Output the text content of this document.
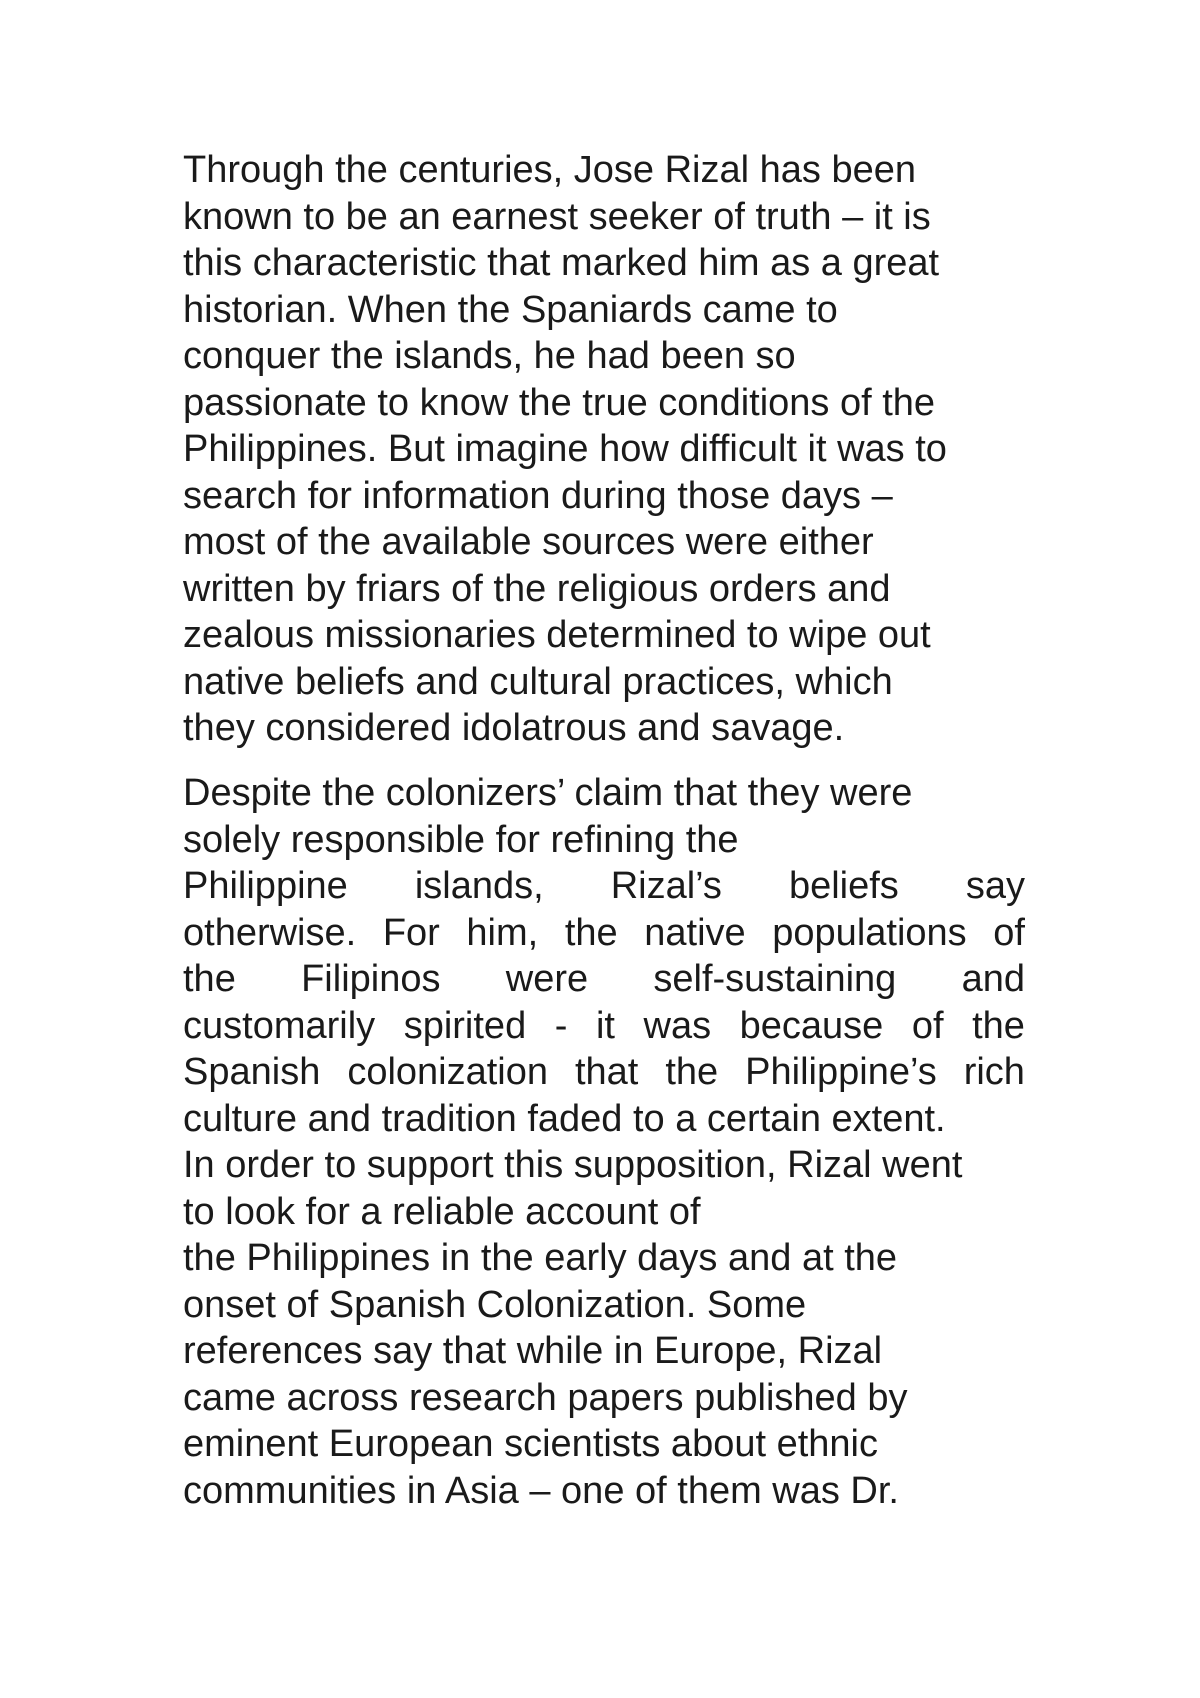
Through the centuries, Jose Rizal has been
known to be an earnest seeker of truth – it is
this characteristic that marked him as a great
historian. When the Spaniards came to
conquer the islands, he had been so
passionate to know the true conditions of the
Philippines. But imagine how difficult it was to
search for information during those days –
most of the available sources were either
written by friars of the religious orders and
zealous missionaries determined to wipe out
native beliefs and cultural practices, which
they considered idolatrous and savage.
Despite the colonizers’ claim that they were
solely responsible for refining the
Philippine islands, Rizal’s beliefs say
otherwise. For him, the native populations of
the Filipinos were self-sustaining and
customarily spirited - it was because of the
Spanish colonization that the Philippine’s rich
culture and tradition faded to a certain extent.
In order to support this supposition, Rizal went
to look for a reliable account of
the Philippines in the early days and at the
onset of Spanish Colonization. Some
references say that while in Europe, Rizal
came across research papers published by
eminent European scientists about ethnic
communities in Asia – one of them was Dr.
